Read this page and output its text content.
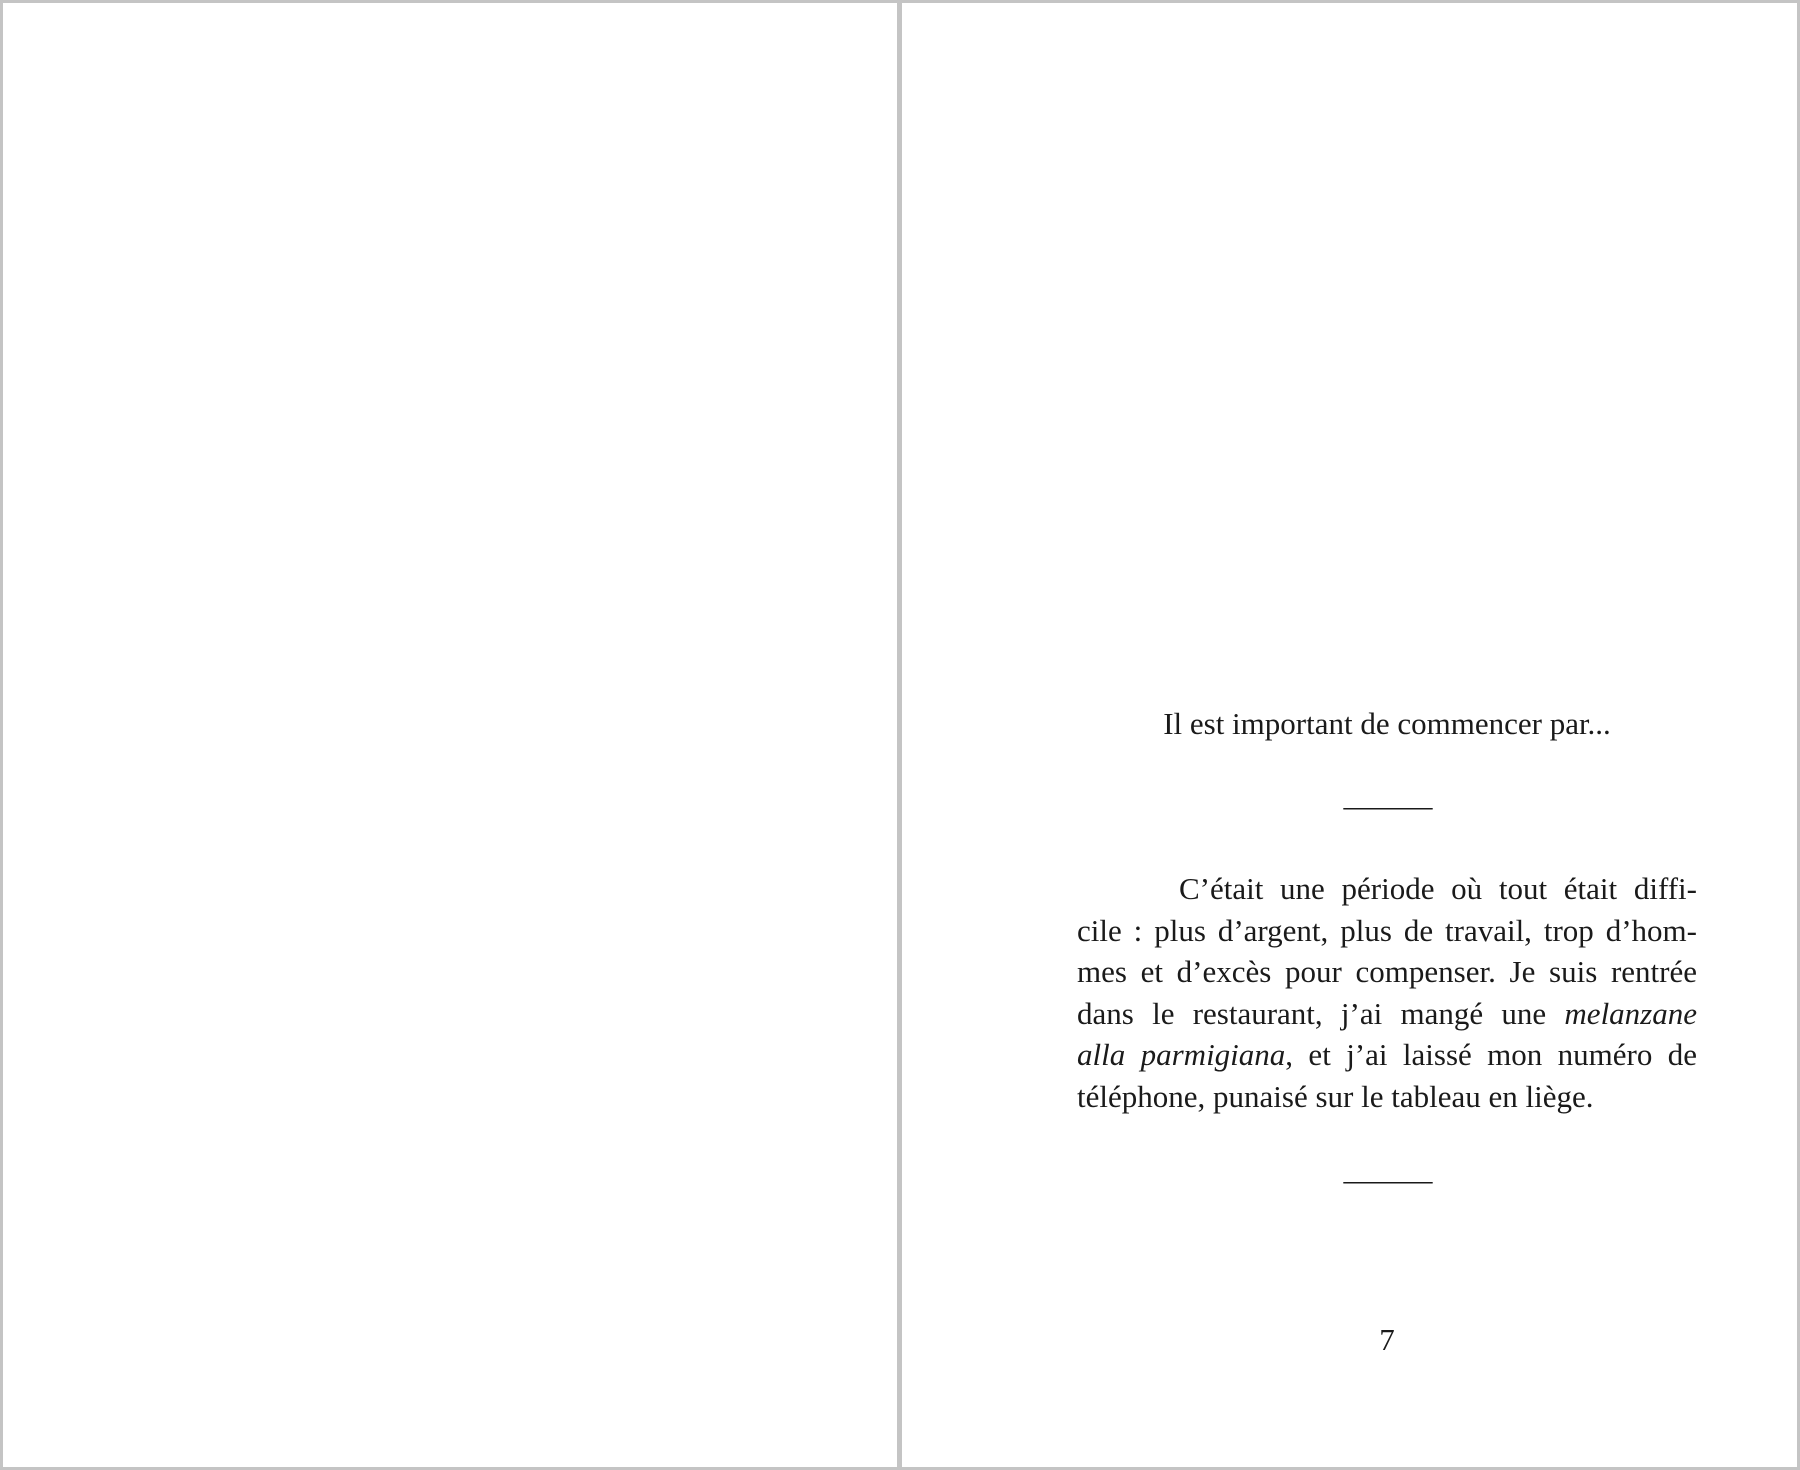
Il est important de commencer par...

———

C’était une période où tout était diffi-
cile : plus d’argent, plus de travail, trop d’hom-
mes et d’excès pour compenser. Je suis rentrée
dans le restaurant, j’ai mangé une melanzane
alla parmigiana, et j’ai laissé mon numéro de
téléphone, punaisé sur le tableau en liège.

———

7
